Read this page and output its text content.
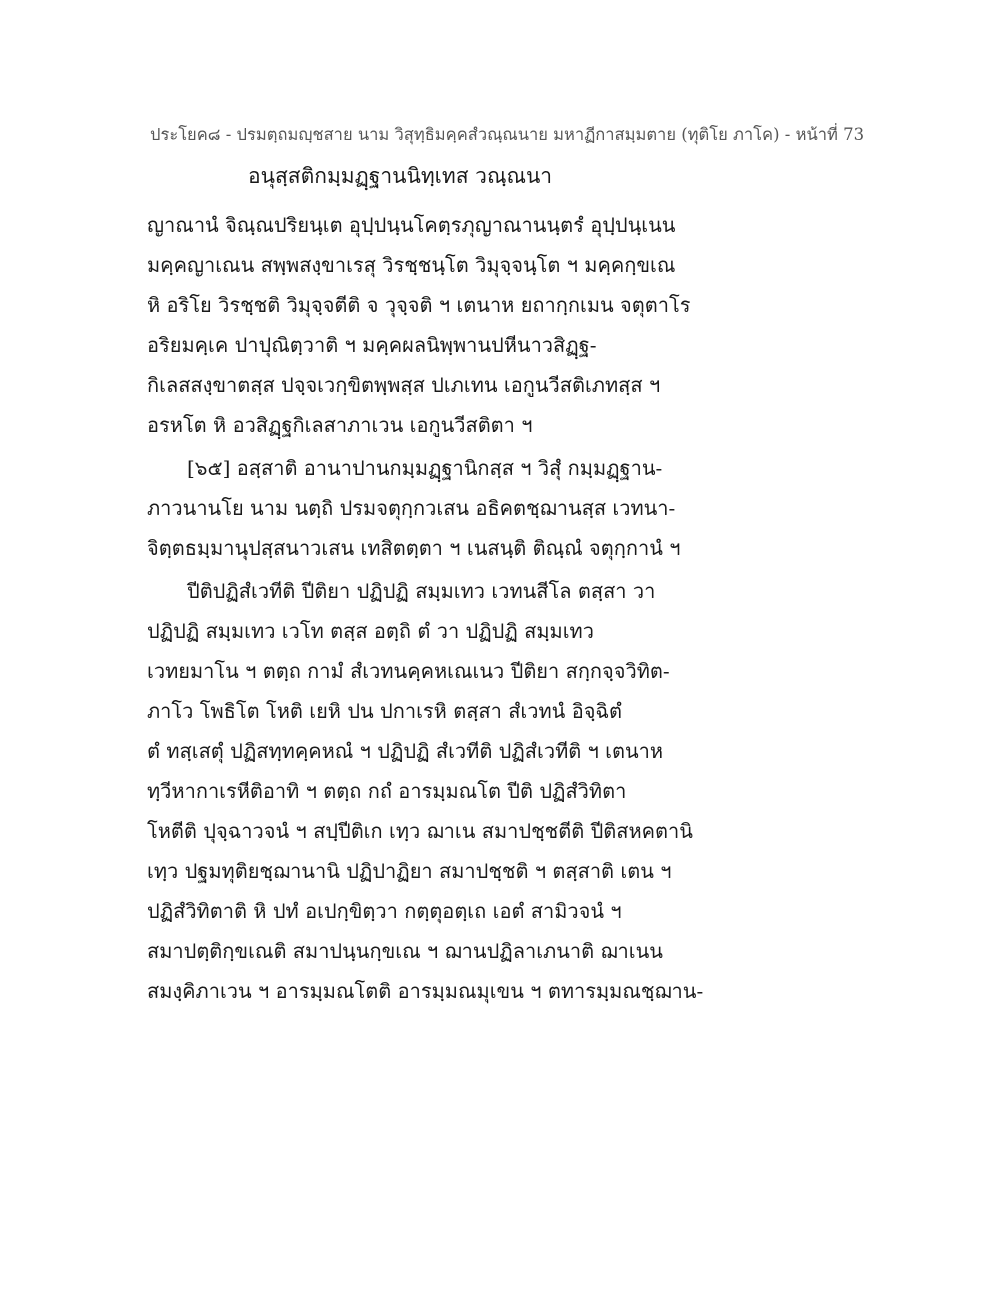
ประโยค๘ - ปรมตฺถมญฺชสาย นาม วิสุทฺธิมคฺคสํวณฺณนาย มหาฏีกาสมฺมตาย (ทุติโย ภาโค) - หน้าที่ 73
อนุสฺสติกมฺมฏฺฐานนิทฺเทส วณฺณนา
ญาณานํ จิณฺณปริยนฺเต อุปฺปนฺนโคตฺรภุญาณานนฺตรํ อุปฺปนฺเนน
มคฺคญาเณน สพฺพสงฺขาเรสุ วิรชฺชนฺโต วิมุจฺจนฺโต ฯ มคฺคกฺขเณ
หิ อริโย วิรชฺชติ วิมุจฺจตีติ จ วุจฺจติ ฯ เตนาห ยถากฺกเมน จตุตาโร
อริยมคฺเค ปาปุณิตฺวาติ ฯ มคฺคผลนิพฺพานปหีนาวสิฏฺฐ-
กิเลสสงฺขาตสฺส ปจฺจเวกฺขิตพฺพสฺส ปเภเทน เอกูนวีสติเภทสฺส ฯ
อรหโต หิ อวสิฏฺฐกิเลสาภาเวน เอกูนวีสติตา ฯ
[๖๕] อสฺสาติ อานาปานกมฺมฏฺฐานิกสฺส ฯ วิสุํ กมฺมฏฺฐาน-
ภาวนานโย นาม นตฺถิ ปรมจตุกฺกวเสน อธิคตชฺฌานสฺส เวทนา-
จิตฺตธมฺมานุปสฺสนาวเสน เทสิตตฺตา ฯ เนสนฺติ ติณฺณํ จตุกฺกานํ ฯ
ปีติปฏิสํเวทีติ ปีติยา ปฏิปฏิ สมฺมเทว เวทนสีโล ตสฺสา วา
ปฏิปฏิ สมฺมเทว เวโท ตสฺส อตฺถิ ตํ วา ปฏิปฏิ สมฺมเทว
เวทยมาโน ฯ ตตฺถ กามํ สํเวทนคฺคหเณเนว ปีติยา สกฺกจฺจวิทิต-
ภาโว โพธิโต โหติ เยหิ ปน ปกาเรหิ ตสฺสา สํเวทนํ อิจฺฉิตํ
ตํ ทสฺเสตุํ ปฏิสทฺทคฺคหณํ ฯ ปฏิปฏิ สํเวทีติ ปฏิสํเวทีติ ฯ เตนาห
ทฺวีหากาเรหีติอาทิ ฯ ตตฺถ กถํ อารมฺมณโต ปีติ ปฏิสํวิทิตา
โหตีติ ปุจฺฉาวจนํ ฯ สปฺปีติเก เทฺว ฌาเน สมาปชฺชตีติ ปีติสหคตานิ
เทฺว ปฐมทุติยชฺฌานานิ ปฏิปาฏิยา สมาปชฺชติ ฯ ตสฺสาติ เตน ฯ
ปฏิสํวิทิตาติ หิ ปทํ อเปกฺขิตฺวา กตฺตุอตฺเถ เอตํ สามิวจนํ ฯ
สมาปตฺติกฺขเณติ สมาปนฺนกฺขเณ ฯ ฌานปฏิลาเภนาติ ฌาเนน
สมงฺคิภาเวน ฯ อารมฺมณโตติ อารมฺมณมุเขน ฯ ตทารมฺมณชฺฌาน-
